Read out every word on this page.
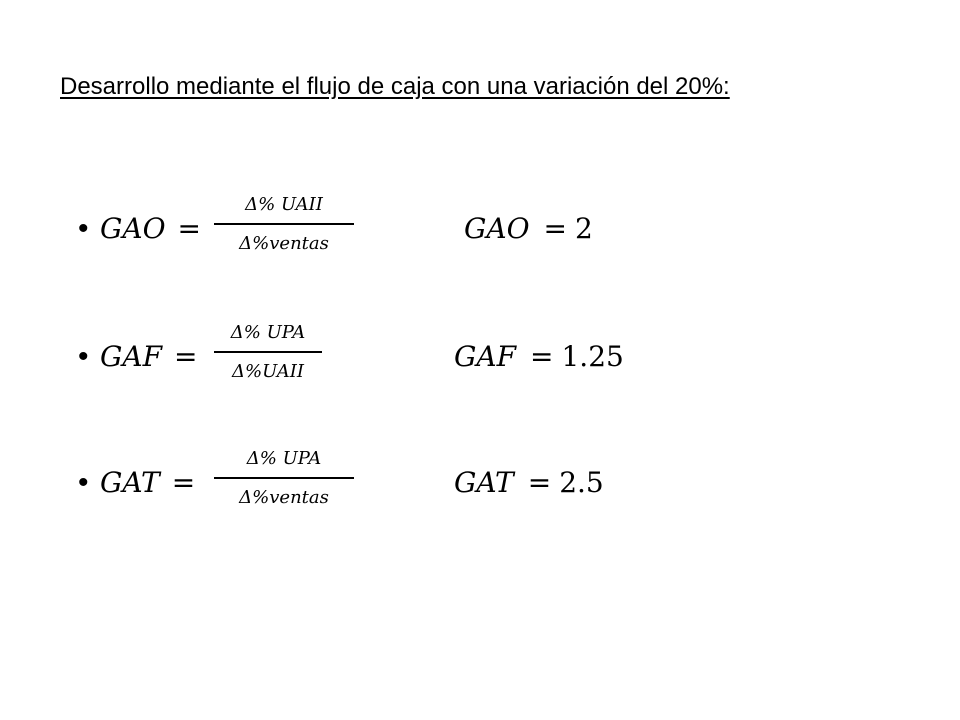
Desarrollo mediante el flujo de caja con una variación del 20%:
• GAO =
Δ% UAII
Δ%ventas	GAO = 2
• GAF =
Δ% UPA
Δ%UAII	GAF = 1.25
• GAT =
Δ% UPA
Δ%ventas	GAT = 2.5
